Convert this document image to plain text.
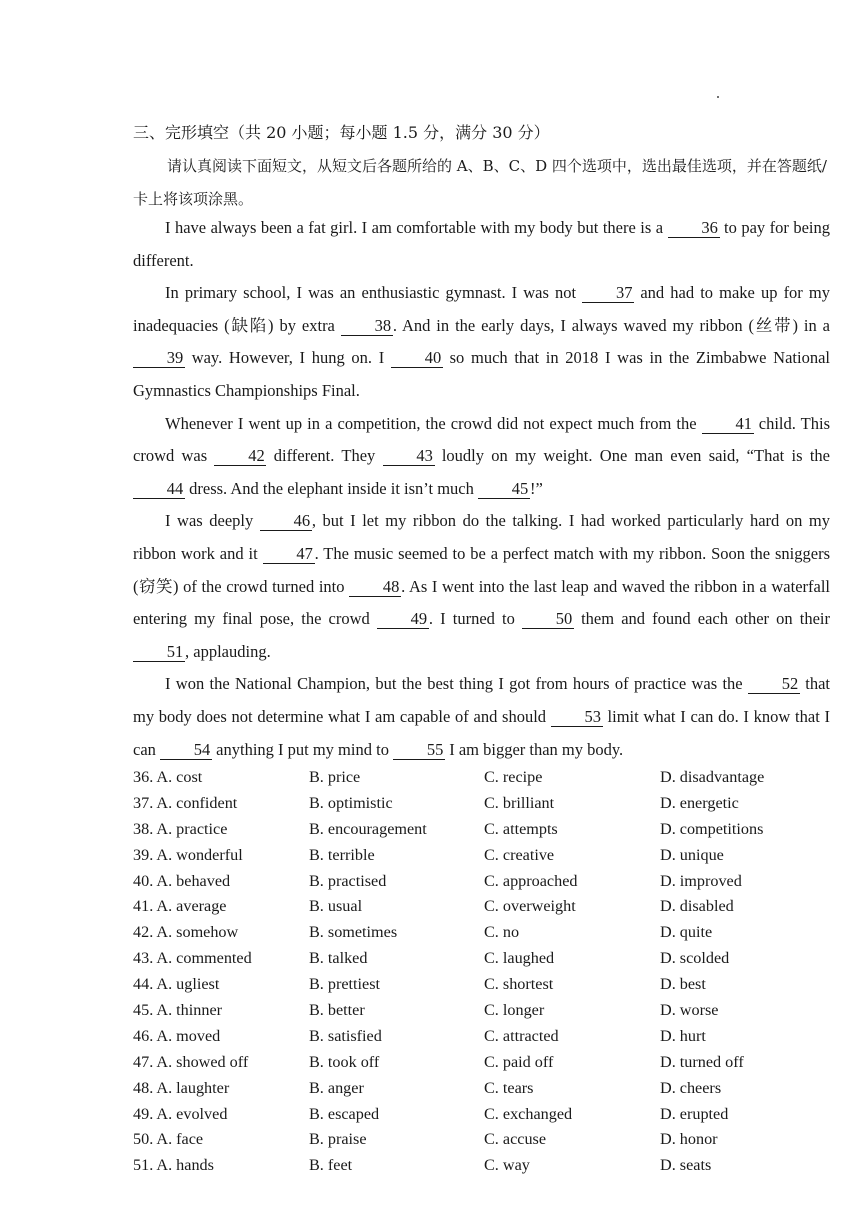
三、完形填空（共 20 小题；每小题 1.5 分，满分 30 分）
请认真阅读下面短文，从短文后各题所给的 A、B、C、D 四个选项中，选出最佳选项，并在答题纸/卡上将该项涂黑。

I have always been a fat girl. I am comfortable with my body but there is a 36 to pay for being different.

In primary school, I was an enthusiastic gymnast. I was not 37 and had to make up for my inadequacies (缺陷) by extra 38 . And in the early days, I always waved my ribbon (丝带) in a 39 way. However, I hung on. I 40 so much that in 2018 I was in the Zimbabwe National Gymnastics Championships Final.

Whenever I went up in a competition, the crowd did not expect much from the 41 child. This crowd was 42 different. They 43 loudly on my weight. One man even said, “That is the 44 dress. And the elephant inside it isn’t much 45 !”

I was deeply 46 , but I let my ribbon do the talking. I had worked particularly hard on my ribbon work and it 47 . The music seemed to be a perfect match with my ribbon. Soon the sniggers (窃笑) of the crowd turned into 48 . As I went into the last leap and waved the ribbon in a waterfall entering my final pose, the crowd 49 . I turned to 50 them and found each other on their 51 , applauding.

I won the National Champion, but the best thing I got from hours of practice was the 52 that my body does not determine what I am capable of and should 53 limit what I can do. I know that I can 54 anything I put my mind to 55 I am bigger than my body.

36. A. cost	B. price	C. recipe	D. disadvantage
37. A. confident	B. optimistic	C. brilliant	D. energetic
38. A. practice	B. encouragement	C. attempts	D. competitions
39. A. wonderful	B. terrible	C. creative	D. unique
40. A. behaved	B. practised	C. approached	D. improved
41. A. average	B. usual	C. overweight	D. disabled
42. A. somehow	B. sometimes	C. no	D. quite
43. A. commented	B. talked	C. laughed	D. scolded
44. A. ugliest	B. prettiest	C. shortest	D. best
45. A. thinner	B. better	C. longer	D. worse
46. A. moved	B. satisfied	C. attracted	D. hurt
47. A. showed off	B. took off	C. paid off	D. turned off
48. A. laughter	B. anger	C. tears	D. cheers
49. A. evolved	B. escaped	C. exchanged	D. erupted
50. A. face	B. praise	C. accuse	D. honor
51. A. hands	B. feet	C. way	D. seats
